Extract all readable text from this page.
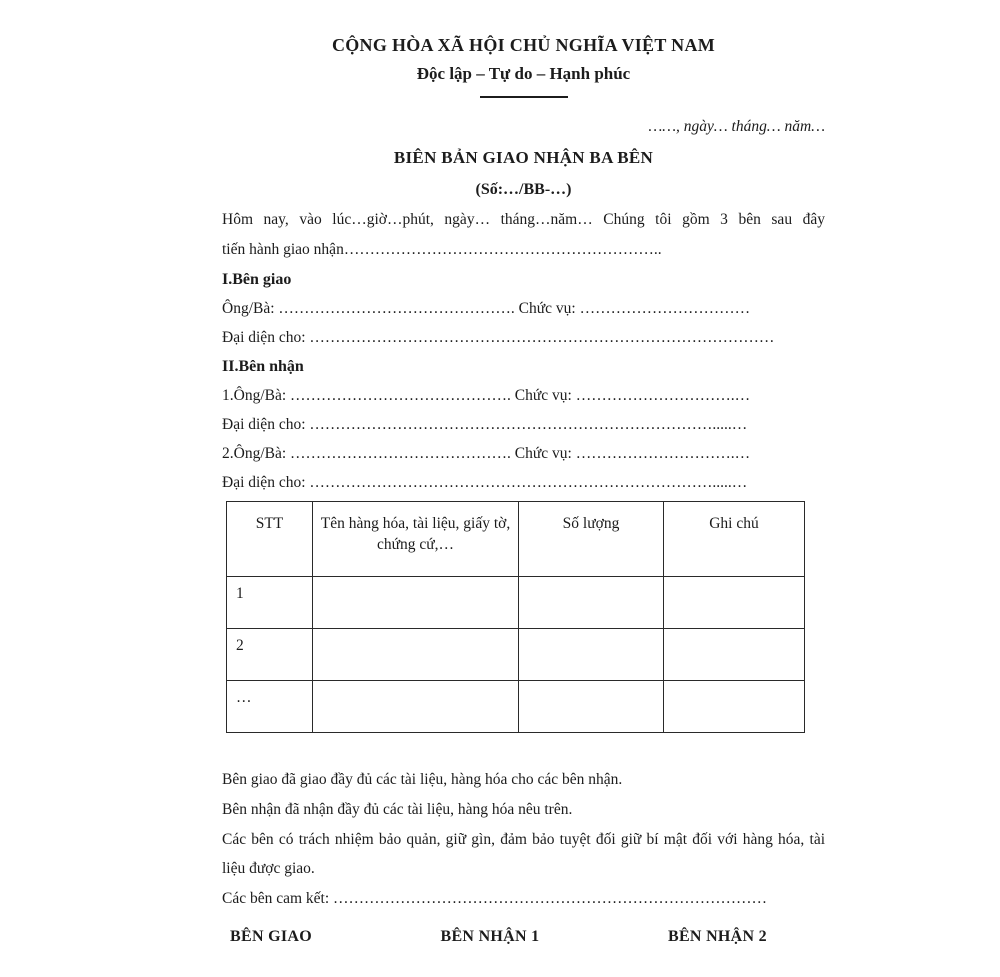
CỘNG HÒA XÃ HỘI CHỦ NGHĨA VIỆT NAM
Độc lập – Tự do – Hạnh phúc
……, ngày… tháng… năm…
BIÊN BẢN GIAO NHẬN BA BÊN
(Số:…/BB-…)
Hôm nay, vào lúc…giờ…phút, ngày… tháng…năm… Chúng tôi gồm 3 bên sau đây
tiến hành giao nhận……………………………………………………..
I.Bên giao
Ông/Bà: ………………………………………. Chức vụ: ……………………………
Đại diện cho: ………………………………………………………………………………
II.Bên nhận
1.Ông/Bà: ……………………………………. Chức vụ: ………………………….…
Đại diện cho: …………………………………………………………………….....…
2.Ông/Bà: ……………………………………. Chức vụ: ………………………….…
Đại diện cho: …………………………………………………………………….....…
STT	Tên hàng hóa, tài liệu, giấy tờ, chứng cứ,…	Số lượng	Ghi chú
1			
2			
…			
Bên giao đã giao đầy đủ các tài liệu, hàng hóa cho các bên nhận.
Bên nhận đã nhận đầy đủ các tài liệu, hàng hóa nêu trên.
Các bên có trách nhiệm bảo quản, giữ gìn, đảm bảo tuyệt đối giữ bí mật đối với hàng hóa, tài liệu được giao.
Các bên cam kết: …………………………………………………………………………
BÊN GIAO	BÊN NHẬN 1	BÊN NHẬN 2
